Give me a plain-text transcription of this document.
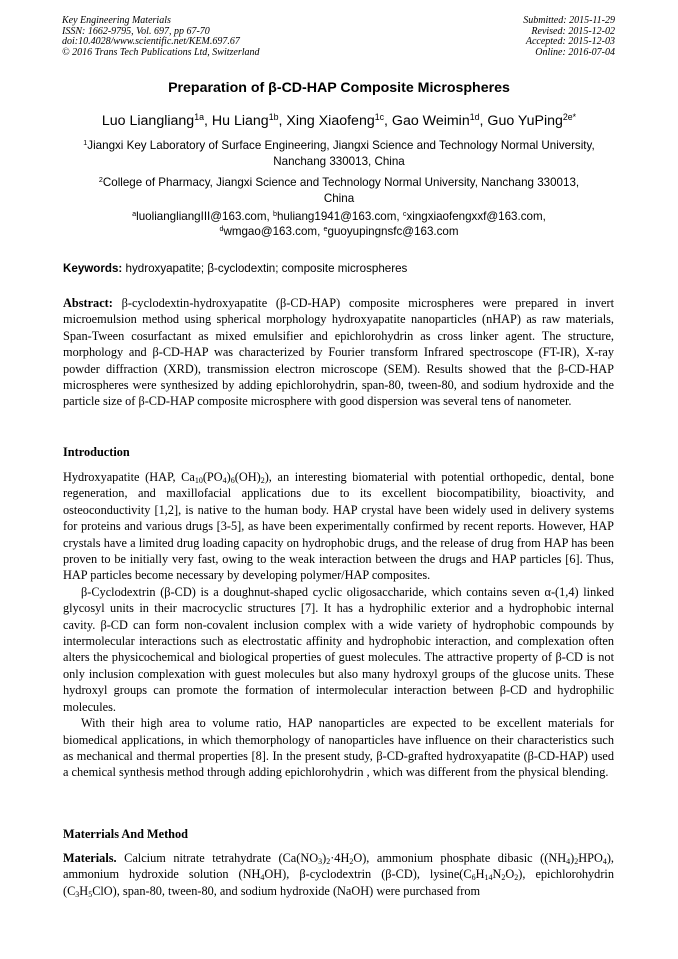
Key Engineering Materials
ISSN: 1662-9795, Vol. 697, pp 67-70
doi:10.4028/www.scientific.net/KEM.697.67
© 2016 Trans Tech Publications Ltd, Switzerland
Submitted: 2015-11-29
Revised: 2015-12-02
Accepted: 2015-12-03
Online: 2016-07-04
Preparation of β-CD-HAP Composite Microspheres
Luo Liangliang$^{1a}$, Hu Liang$^{1b}$, Xing Xiaofeng$^{1c}$, Gao Weimin$^{1d}$, Guo YuPing$^{2e*}$
$^1$Jiangxi Key Laboratory of Surface Engineering, Jiangxi Science and Technology Normal University,
Nanchang 330013, China
$^2$College of Pharmacy, Jiangxi Science and Technology Normal University, Nanchang 330013,
China
$^a$luoliangliangIII@163.com, $^b$huliang1941@163.com, $^c$xingxiaofengxxf@163.com,
$^d$wmgao@163.com, $^e$guoyupingnsfc@163.com
Keywords: hydroxyapatite; β-cyclodextin; composite microspheres

Abstract: β-cyclodextin-hydroxyapatite (β-CD-HAP) composite microspheres were prepared in invert microemulsion method using spherical morphology hydroxyapatite nanoparticles (nHAP) as raw materials, Span-Tween cosurfactant as mixed emulsifier and epichlorohydrin as cross linker agent. The structure, morphology and β-CD-HAP was characterized by Fourier transform Infrared spectroscope (FT-IR), X-ray powder diffraction (XRD), transmission electron microscope (SEM). Results showed that the β-CD-HAP microspheres were synthesized by adding epichlorohydrin, span-80, tween-80, and sodium hydroxide and the particle size of β-CD-HAP composite microsphere with good dispersion was several tens of nanometer.

Introduction

Hydroxyapatite (HAP, $Ca_{10}(PO_4)_6(OH)_2$), an interesting biomaterial with potential orthopedic, dental, bone regeneration, and maxillofacial applications due to its excellent biocompatibility, bioactivity, and osteoconductivity [1,2], is native to the human body. HAP crystal have been widely used in delivery systems for proteins and various drugs [3-5], as have been experimentally confirmed by recent reports. However, HAP crystals have a limited drug loading capacity on hydrophobic drugs, and the release of drug from HAP has been proven to be initially very fast, owing to the weak interaction between the drugs and HAP particles [6]. Thus, HAP particles become necessary by developing polymer/HAP composites.

β-Cyclodextrin (β-CD) is a doughnut-shaped cyclic oligosaccharide, which contains seven α-(1,4) linked glycosyl units in their macrocyclic structures [7]. It has a hydrophilic exterior and a hydrophobic internal cavity. β-CD can form non-covalent inclusion complex with a wide variety of hydrophobic compounds by intermolecular interactions such as electrostatic affinity and hydrophobic interaction, and complexation often alters the physicochemical and biological properties of guest molecules. The attractive property of β-CD is not only inclusion complexation with guest molecules but also many hydroxyl groups of the glucose units. These hydroxyl groups can promote the formation of intermolecular interaction between β-CD and hydrophilic molecules.

With their high area to volume ratio, HAP nanoparticles are expected to be excellent materials for biomedical applications, in which themorphology of nanoparticles have influence on their characteristics such as mechanical and thermal properties [8]. In the present study, β-CD-grafted hydroxyapatite (β-CD-HAP) used a chemical synthesis method through adding epichlorohydrin , which was different from the physical blending.

Materrials And Method

Materials. Calcium nitrate tetrahydrate $(Ca(NO_3)_2\cdot 4H_2O)$, ammonium phosphate dibasic $((NH_4)_2HPO_4)$, ammonium hydroxide solution $(NH_4OH)$, β-cyclodextrin (β-CD), $lysine(C_6H_{14}N_2O_2)$, epichlorohydrin $(C_3H_5ClO)$, span-80, tween-80, and sodium hydroxide (NaOH) were purchased from
